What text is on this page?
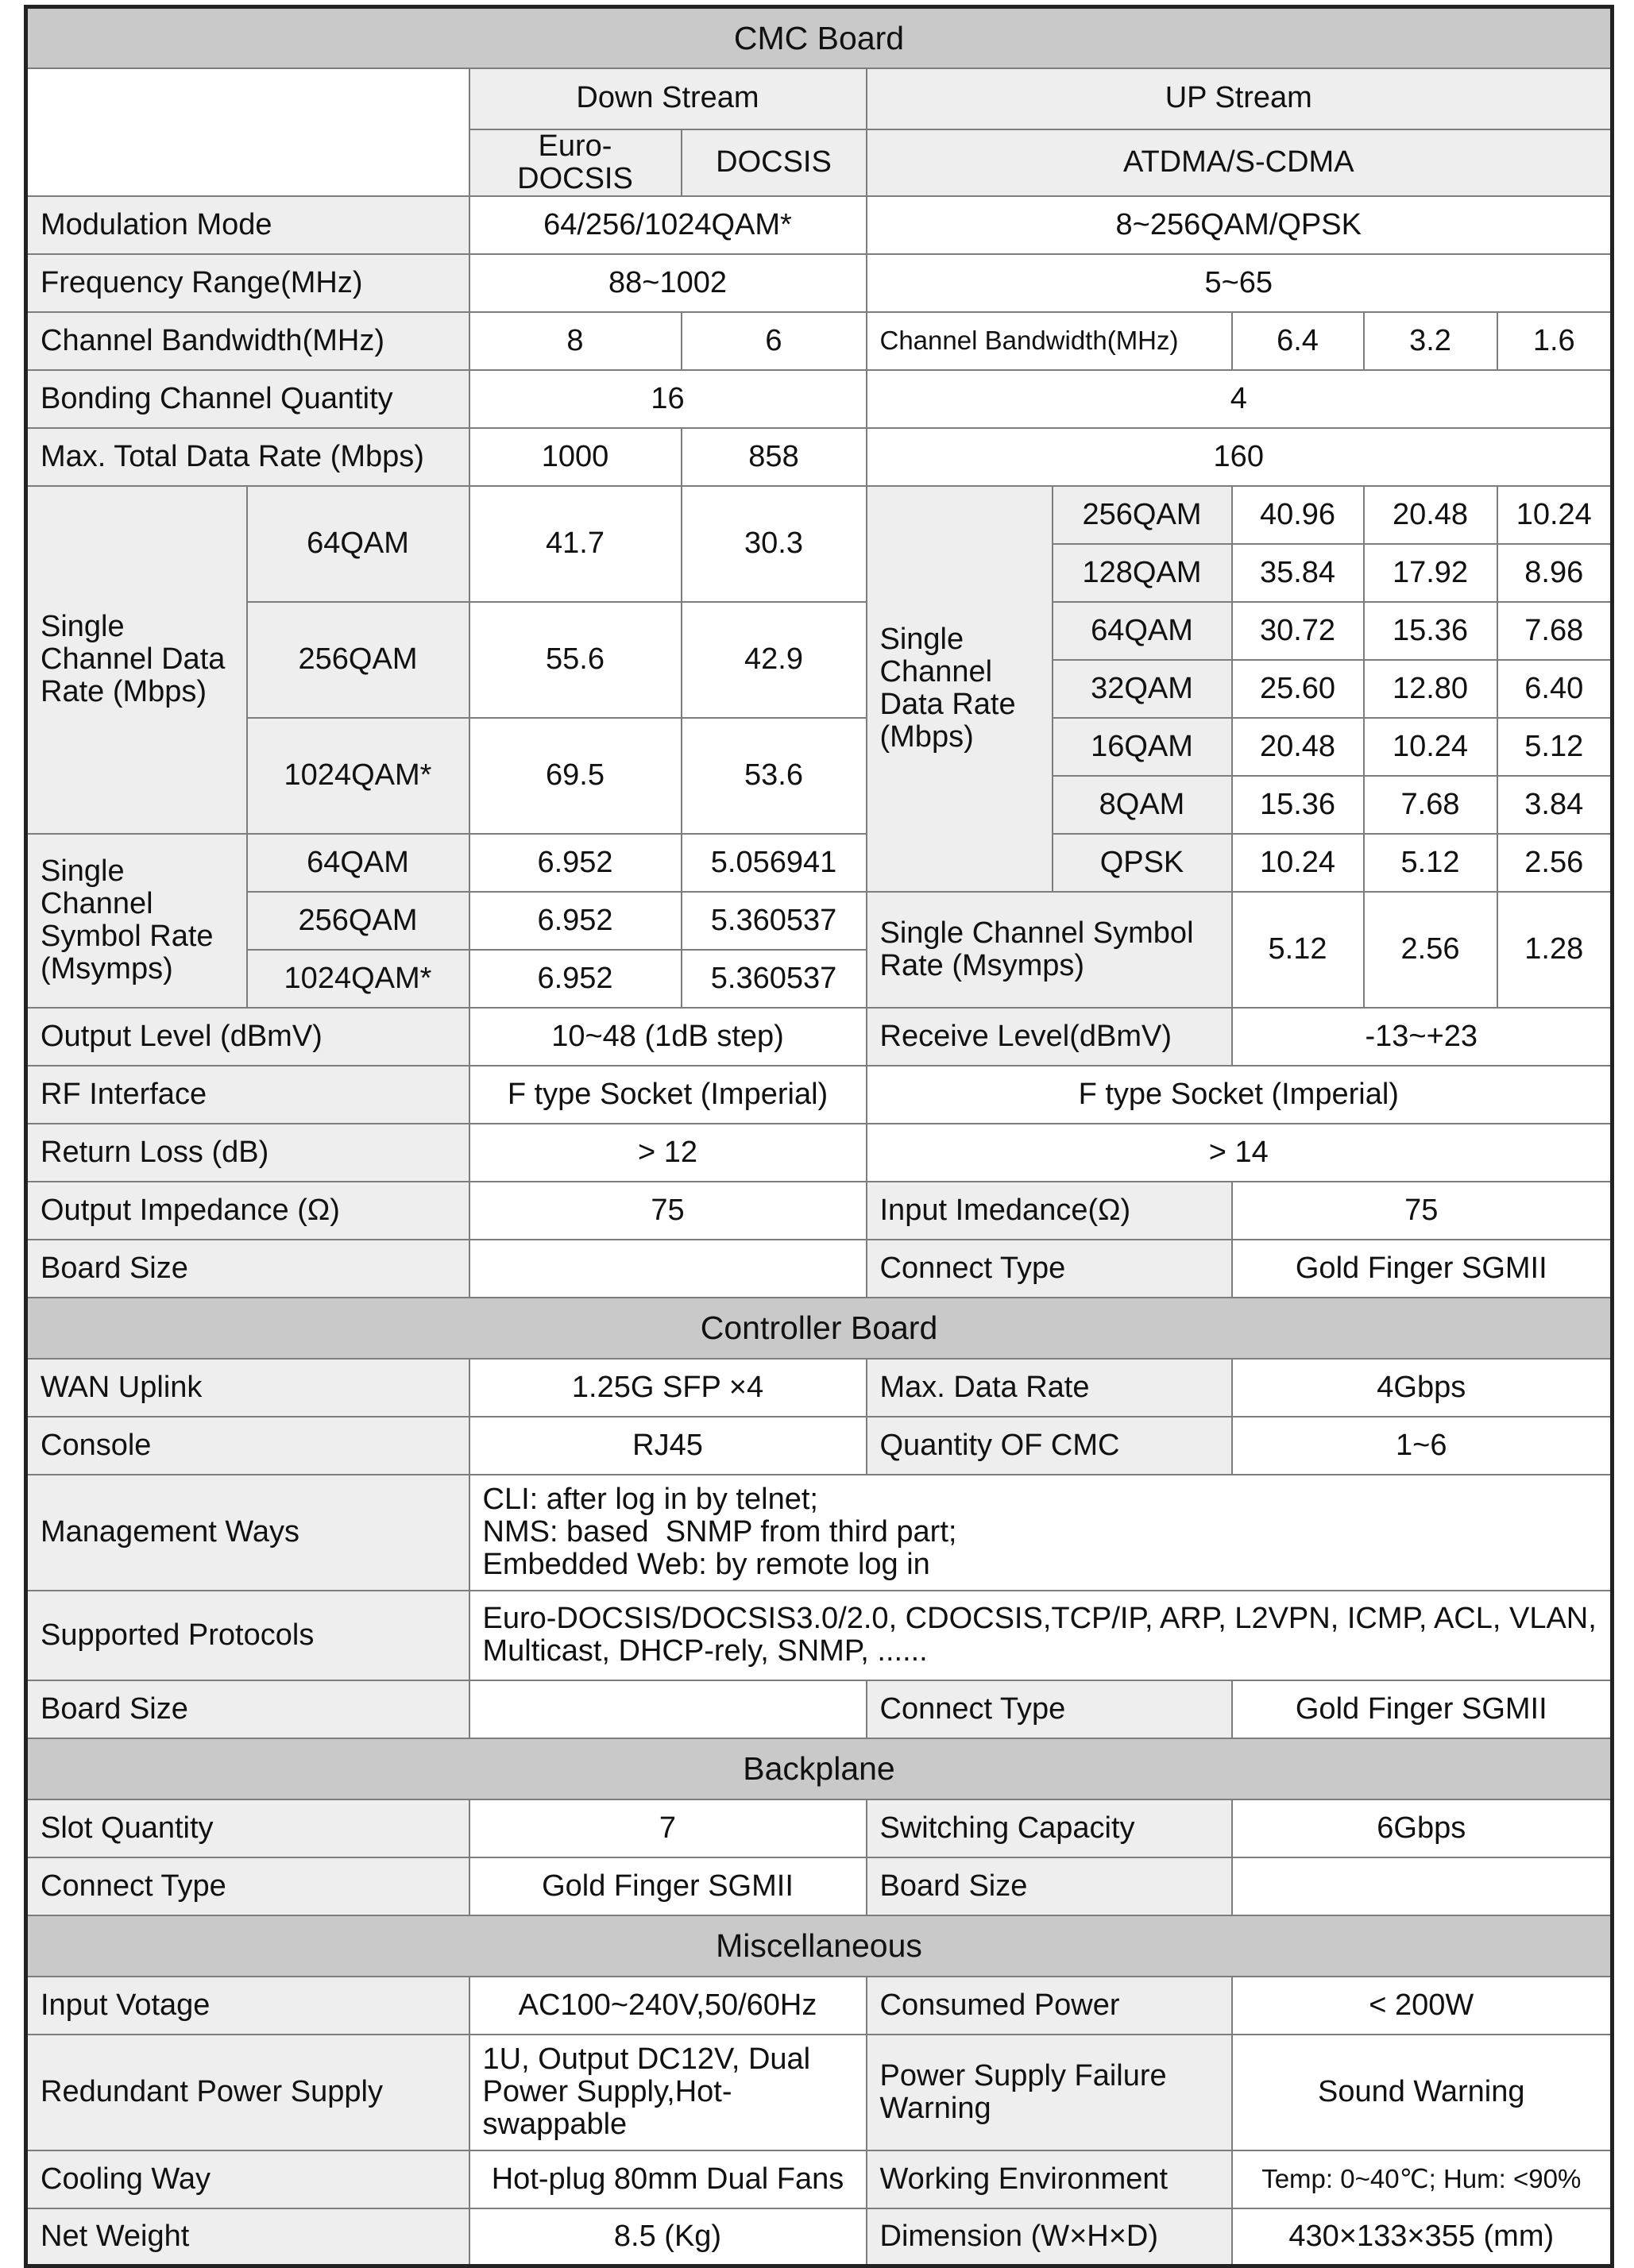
CMC Board								
		Down Stream		UP Stream				
		Euro-DOCSIS	DOCSIS	ATDMA/S-CDMA				
Modulation Mode		64/256/1024QAM*		8~256QAM/QPSK				
Frequency Range(MHz)		88~1002		5~65				
Channel Bandwidth(MHz)		8	6	Channel Bandwidth(MHz)		6.4	3.2	1.6
Bonding Channel Quantity		16		4				
Max. Total Data Rate (Mbps)		1000	858	160				
Single Channel Data Rate (Mbps)	64QAM	41.7	30.3	Single Channel Data Rate (Mbps)	256QAM	40.96	20.48	10.24
					128QAM	35.84	17.92	8.96
	256QAM	55.6	42.9		64QAM	30.72	15.36	7.68
					32QAM	25.60	12.80	6.40
	1024QAM*	69.5	53.6		16QAM	20.48	10.24	5.12
					8QAM	15.36	7.68	3.84
Single Channel Symbol Rate (Msymps)	64QAM	6.952	5.056941		QPSK	10.24	5.12	2.56
	256QAM	6.952	5.360537	Single Channel Symbol Rate (Msymps)		5.12	2.56	1.28
	1024QAM*	6.952	5.360537					
Output Level (dBmV)		10~48 (1dB step)		Receive Level(dBmV)		-13~+23		
RF Interface		F type Socket (Imperial)		F type Socket (Imperial)				
Return Loss (dB)		> 12		> 14				
Output Impedance (Ω)		75		Input Imedance(Ω)		75		
Board Size				Connect Type		Gold Finger SGMII		
Controller Board								
WAN Uplink		1.25G SFP ×4		Max. Data Rate		4Gbps		
Console		RJ45		Quantity OF CMC		1~6		
Management Ways		CLI: after log in by telnet;
NMS: based  SNMP from third part;
Embedded Web: by remote log in						

Supported Protocols		Euro-DOCSIS/DOCSIS3.0/2.0, CDOCSIS,TCP/IP, ARP, L2VPN, ICMP, ACL, VLAN, Multicast, DHCP-rely, SNMP, ......						
Board Size				Connect Type		Gold Finger SGMII		
Backplane								
Slot Quantity		7		Switching Capacity		6Gbps		
Connect Type		Gold Finger SGMII		Board Size				
Miscellaneous								
Input Votage		AC100~240V,50/60Hz		Consumed Power		< 200W		
Redundant Power Supply		1U, Output DC12V, Dual Power Supply,Hot-swappable		Power Supply Failure Warning		Sound Warning		
Cooling Way		Hot-plug 80mm Dual Fans		Working Environment		Temp: 0~40℃; Hum: <90%		
Net Weight		8.5 (Kg)		Dimension (W×H×D)		430×133×355 (mm)		
